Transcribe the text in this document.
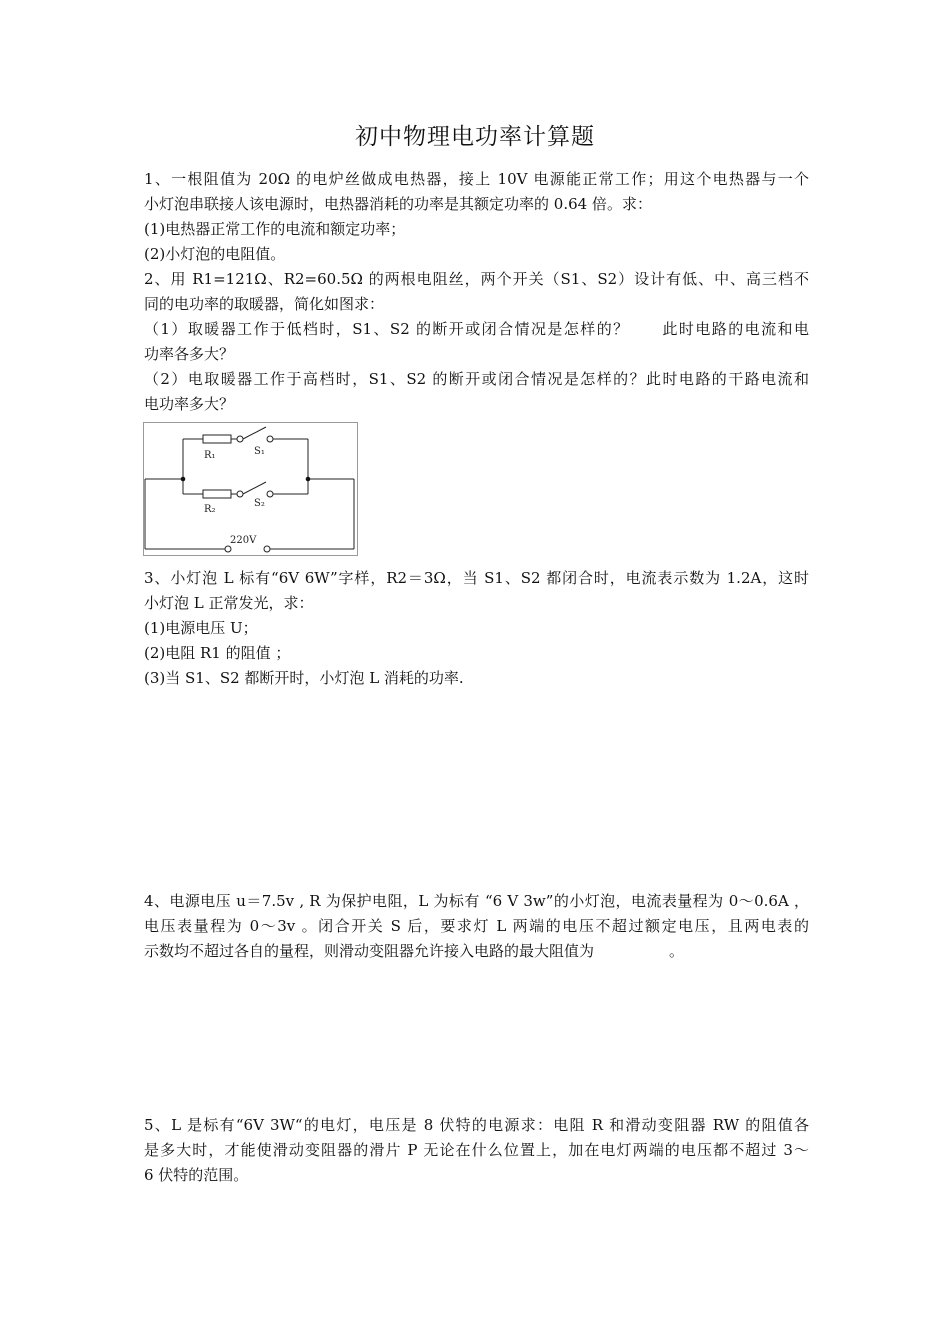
初中物理电功率计算题
1、一根阻值为 20Ω 的电炉丝做成电热器，接上 10V 电源能正常工作；用这个电热器与一个
小灯泡串联接人该电源时，电热器消耗的功率是其额定功率的 0.64 倍。求：
(1)电热器正常工作的电流和额定功率；
(2)小灯泡的电阻值。
2、用 R1=121Ω、R2=60.5Ω 的两根电阻丝，两个开关（S1、S2）设计有低、中、高三档不
同的电功率的取暖器，简化如图求：
（1）取暖器工作于低档时，S1、S2 的断开或闭合情况是怎样的？　　此时电路的电流和电
功率各多大？
（2）电取暖器工作于高档时，S1、S2 的断开或闭合情况是怎样的？此时电路的干路电流和
电功率多大？
R₁	S₁
R₂
S₂
220V
3、小灯泡 L 标有“6V 6W”字样，R2＝3Ω，当 S1、S2 都闭合时，电流表示数为 1.2A，这时
小灯泡 L 正常发光，求：
(1)电源电压 U；
(2)电阻 R1 的阻值 ；
(3)当 S1、S2 都断开时，小灯泡 L 消耗的功率.
4、电源电压 u＝7.5v , R 为保护电阻，L 为标有 “6 V 3w”的小灯泡，电流表量程为 0～0.6A ，
电压表量程为 0～3v 。闭合开关 S 后，要求灯 L 两端的电压不超过额定电压，且两电表的
示数均不超过各自的量程，则滑动变阻器允许接入电路的最大阻值为　　　　　。
5、L 是标有“6V 3W“的电灯，电压是 8 伏特的电源求：电阻 R 和滑动变阻器 RW 的阻值各
是多大时，才能使滑动变阻器的滑片 P 无论在什么位置上，加在电灯两端的电压都不超过 3～
6 伏特的范围。
